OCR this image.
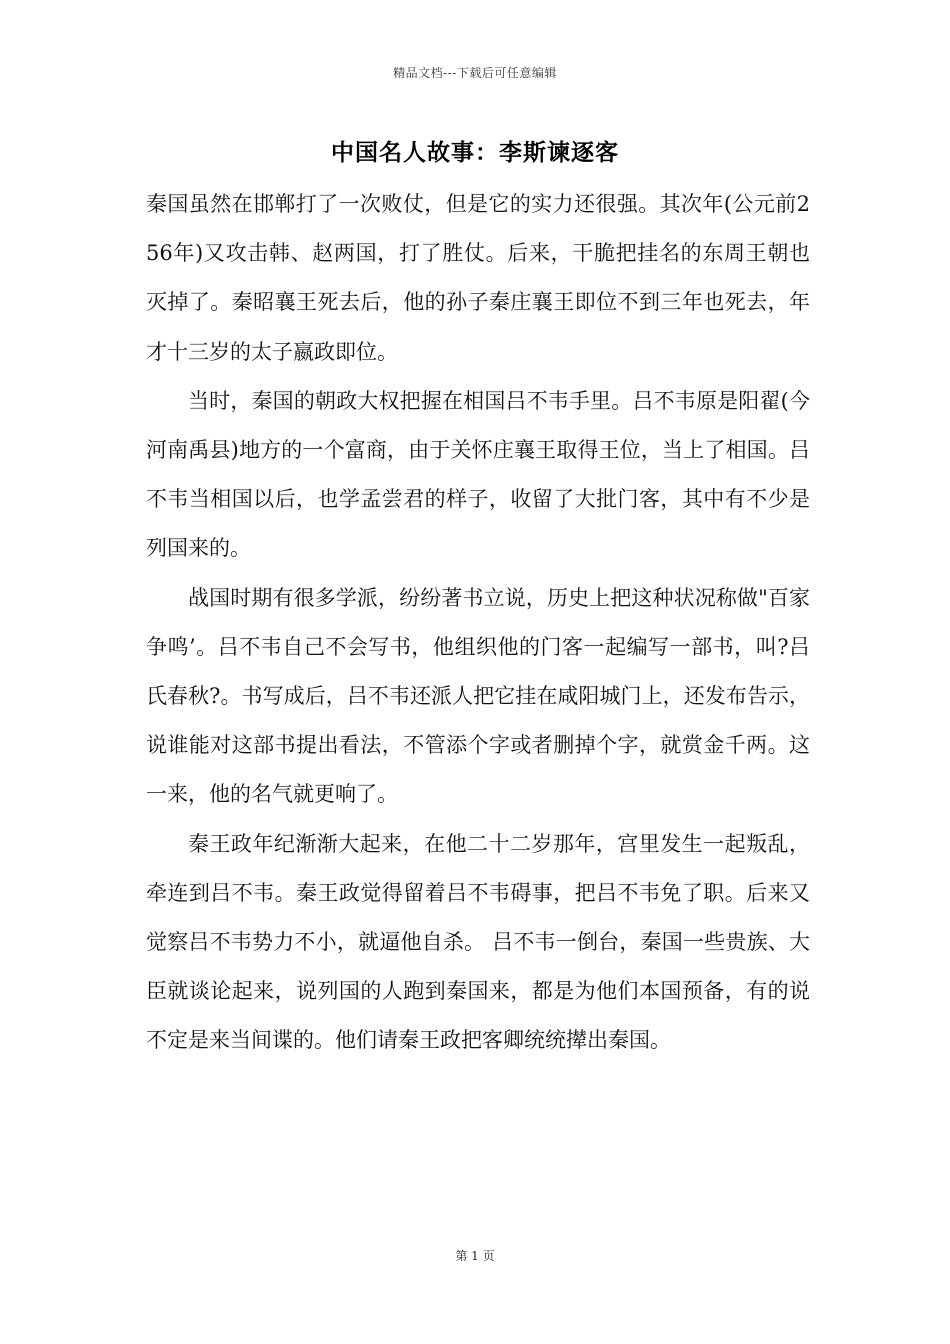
精品文档---下载后可任意编辑
中国名人故事：李斯谏逐客

秦国虽然在邯郸打了一次败仗，但是它的实力还很强。其次年(公元前256年)又攻击韩、赵两国，打了胜仗。后来，干脆把挂名的东周王朝也灭掉了。秦昭襄王死去后，他的孙子秦庄襄王即位不到三年也死去，年才十三岁的太子嬴政即位。

当时，秦国的朝政大权把握在相国吕不韦手里。吕不韦原是阳翟(今河南禹县)地方的一个富商，由于关怀庄襄王取得王位，当上了相国。吕不韦当相国以后，也学孟尝君的样子，收留了大批门客，其中有不少是列国来的。

战国时期有很多学派，纷纷著书立说，历史上把这种状况称做"百家争鸣’。吕不韦自己不会写书，他组织他的门客一起编写一部书，叫?吕氏春秋?。书写成后，吕不韦还派人把它挂在咸阳城门上，还发布告示，说谁能对这部书提出看法，不管添个字或者删掉个字，就赏金千两。这一来，他的名气就更响了。

秦王政年纪渐渐大起来，在他二十二岁那年，宫里发生一起叛乱，牵连到吕不韦。秦王政觉得留着吕不韦碍事，把吕不韦免了职。后来又觉察吕不韦势力不小，就逼他自杀。 吕不韦一倒台，秦国一些贵族、大臣就谈论起来，说列国的人跑到秦国来，都是为他们本国预备，有的说不定是来当间谍的。他们请秦王政把客卿统统撵出秦国。

第 1 页
